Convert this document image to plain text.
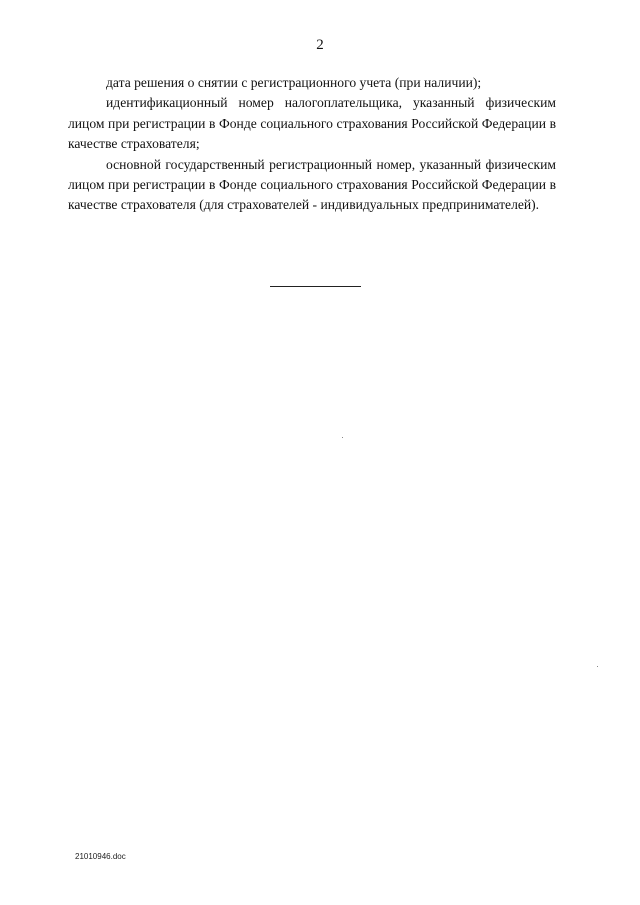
2

дата решения о снятии с регистрационного учета (при наличии);

идентификационный номер налогоплательщика, указанный физическим лицом при регистрации в Фонде социального страхования Российской Федерации в качестве страхователя;

основной государственный регистрационный номер, указанный физическим лицом при регистрации в Фонде социального страхования Российской Федерации в качестве страхователя (для страхователей - индивидуальных предпринимателей).

21010946.doc
